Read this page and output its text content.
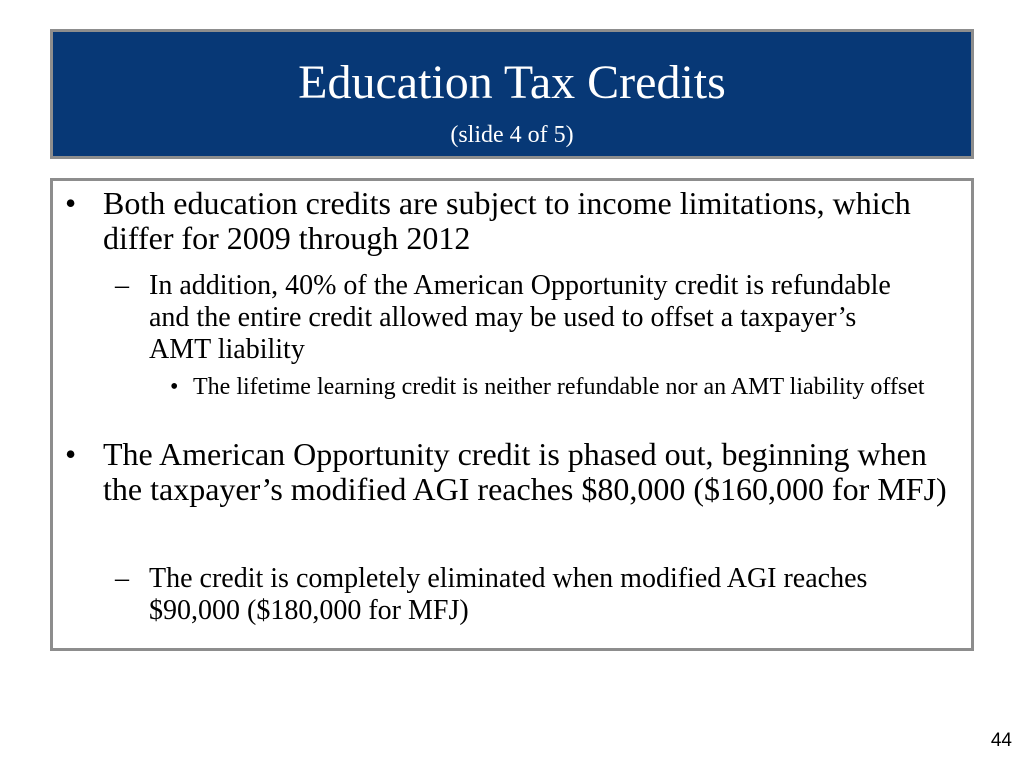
Education Tax Credits
(slide 4 of 5)
• Both education credits are subject to income limitations, which differ for 2009 through 2012
– In addition, 40% of the American Opportunity credit is refundable and the entire credit allowed may be used to offset a taxpayer’s AMT liability
• The lifetime learning credit is neither refundable nor an AMT liability offset
• The American Opportunity credit is phased out, beginning when the taxpayer’s modified AGI reaches $80,000 ($160,000 for MFJ)
– The credit is completely eliminated when modified AGI reaches $90,000 ($180,000 for MFJ)
44
